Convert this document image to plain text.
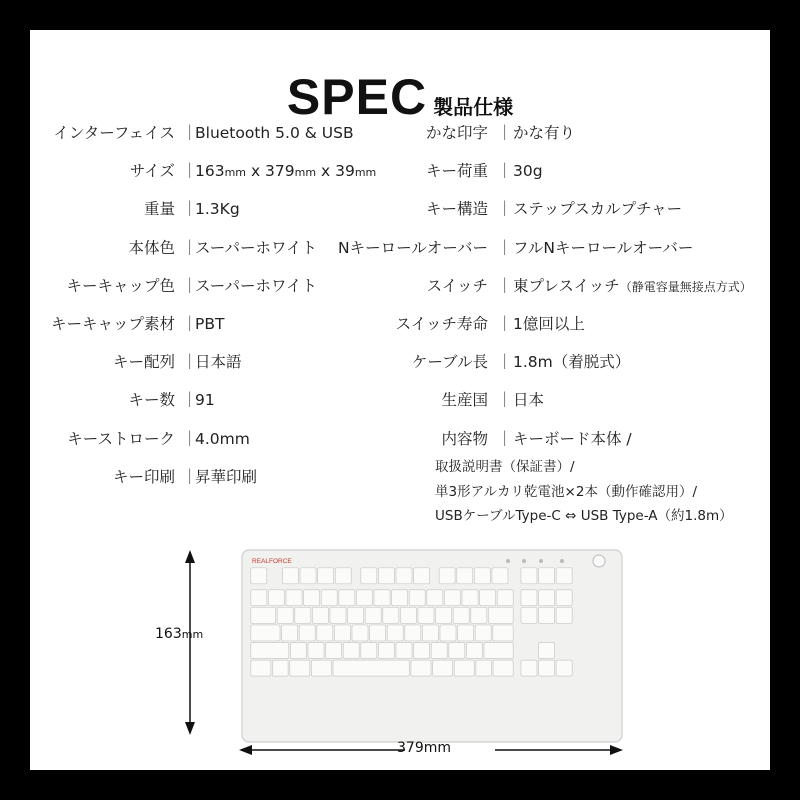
SPEC 製品仕様
インターフェイス ｜
Bluetooth 5.0 & USB
サイズ ｜
163mm x 379mm x 39mm
重量 ｜
1.3Kg
本体色 ｜
スーパーホワイト
キーキャップ色 ｜
スーパーホワイト
キーキャップ素材 ｜
PBT
キー配列 ｜
日本語
キー数 ｜
91
キーストローク ｜
4.0mm
キー印刷 ｜
昇華印刷
かな印字 ｜ かな有り
キー荷重 ｜ 30g
キー構造 ｜ ステップスカルプチャー
Nキーロールオーバー ｜ フルNキーロールオーバー
スイッチ ｜ 東プレスイッチ（静電容量無接点方式）
スイッチ寿命 ｜ 1億回以上
ケーブル長 ｜ 1.8m（着脱式）
生産国 ｜ 日本
内容物 ｜ キーボード本体 /
取扱説明書（保証書）/
単3形アルカリ乾電池×2本（動作確認用）/
USBケーブルType-C ⇔ USB Type-A（約1.8m）
REALFORCE
163mm
379mm
